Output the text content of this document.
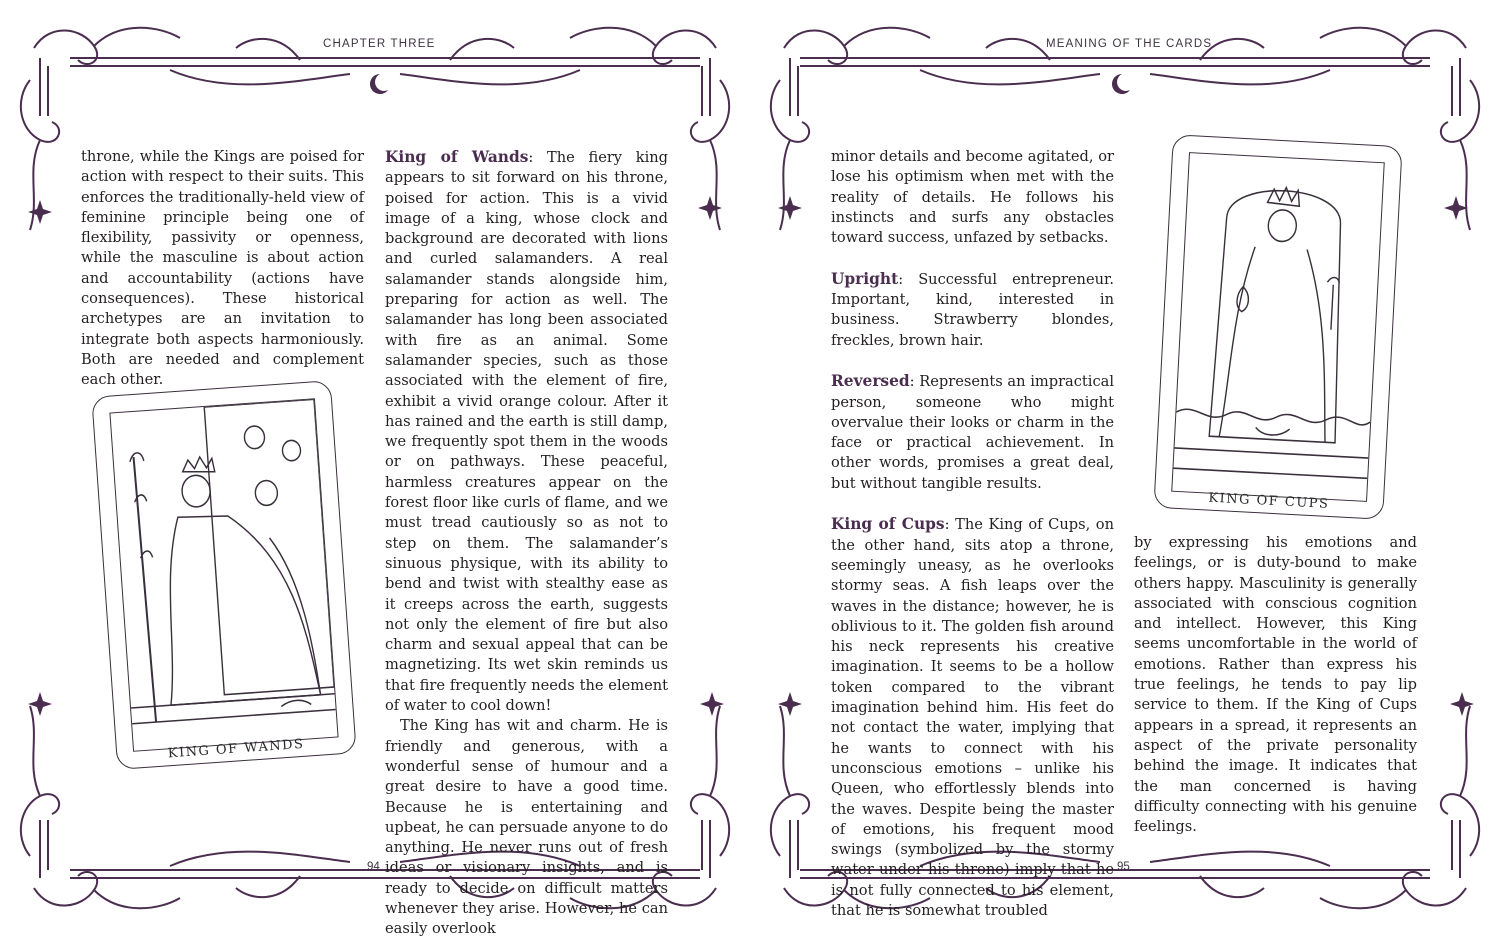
CHAPTER THREE
94

throne, while the Kings are poised for action with respect to their suits. This enforces the traditionally-held view of feminine principle being one of flexibility, passivity or openness, while the masculine is about action and accountability (actions have consequences). These historical archetypes are an invitation to integrate both aspects harmoniously. Both are needed and complement each other.

KING OF WANDS

King of Wands: The fiery king appears to sit forward on his throne, poised for action. This is a vivid image of a king, whose clock and background are decorated with lions and curled salamanders. A real salamander stands alongside him, preparing for action as well. The salamander has long been associated with fire as an animal. Some salamander species, such as those associated with the element of fire, exhibit a vivid orange colour. After it has rained and the earth is still damp, we frequently spot them in the woods or on pathways. These peaceful, harmless creatures appear on the forest floor like curls of flame, and we must tread cautiously so as not to step on them. The salamander’s sinuous physique, with its ability to bend and twist with stealthy ease as it creeps across the earth, suggests not only the element of fire but also charm and sexual appeal that can be magnetizing. Its wet skin reminds us that fire frequently needs the element of water to cool down!

The King has wit and charm. He is friendly and generous, with a wonderful sense of humour and a great desire to have a good time. Because he is entertaining and upbeat, he can persuade anyone to do anything. He never runs out of fresh ideas or visionary insights, and is ready to decide on difficult matters whenever they arise. However, he can easily overlook

MEANING OF THE CARDS
95

minor details and become agitated, or lose his optimism when met with the reality of details. He follows his instincts and surfs any obstacles toward success, unfazed by setbacks.

Upright: Successful entrepreneur. Important, kind, interested in business. Strawberry blondes, freckles, brown hair.

Reversed: Represents an impractical person, someone who might overvalue their looks or charm in the face or practical achievement. In other words, promises a great deal, but without tangible results.

King of Cups: The King of Cups, on the other hand, sits atop a throne, seemingly uneasy, as he overlooks stormy seas. A fish leaps over the waves in the distance; however, he is oblivious to it. The golden fish around his neck represents his creative imagination. It seems to be a hollow token compared to the vibrant imagination behind him. His feet do not contact the water, implying that he wants to connect with his unconscious emotions – unlike his Queen, who effortlessly blends into the waves. Despite being the master of emotions, his frequent mood swings (symbolized by the stormy water under his throne) imply that he is not fully connected to his element, that he is somewhat troubled

KING OF CUPS

by expressing his emotions and feelings, or is duty-bound to make others happy. Masculinity is generally associated with conscious cognition and intellect. However, this King seems uncomfortable in the world of emotions. Rather than express his true feelings, he tends to pay lip service to them. If the King of Cups appears in a spread, it represents an aspect of the private personality behind the image. It indicates that the man concerned is having difficulty connecting with his genuine feelings.
